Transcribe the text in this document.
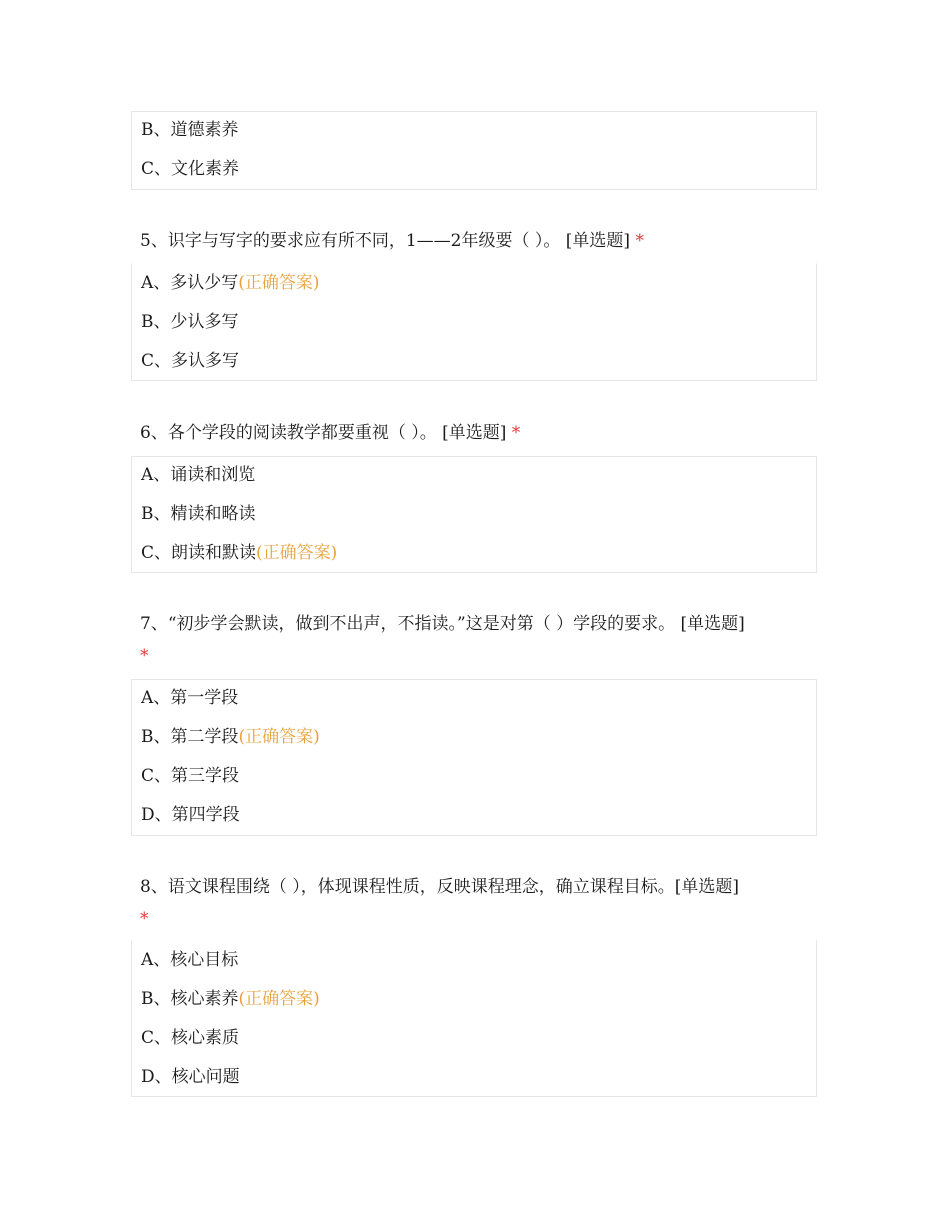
B、道德素养
C、文化素养
5、识字与写字的要求应有所不同，1——2年级要（ ）。 [单选题] *
A、多认少写(正确答案)
B、少认多写
C、多认多写
6、各个学段的阅读教学都要重视（ ）。 [单选题] *
A、诵读和浏览
B、精读和略读
C、朗读和默读(正确答案)
7、“初步学会默读，做到不出声，不指读。”这是对第（ ）学段的要求。 [单选题]
*
A、第一学段
B、第二学段(正确答案)
C、第三学段
D、第四学段
8、语文课程围绕（ ），体现课程性质，反映课程理念，确立课程目标。[单选题]
*
A、核心目标
B、核心素养(正确答案)
C、核心素质
D、核心问题
